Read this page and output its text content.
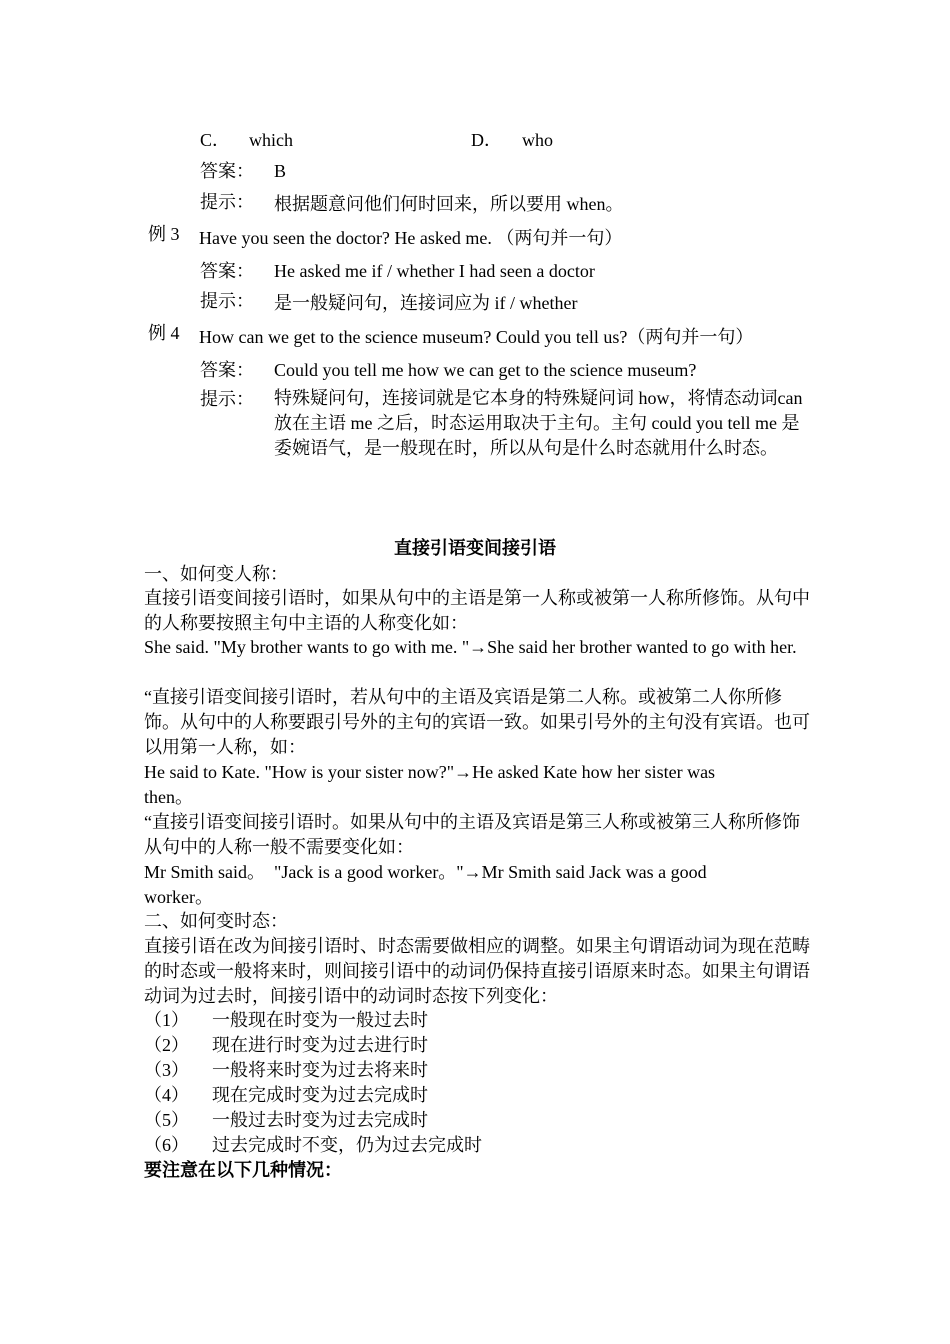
C． which	D． who
答案： B
提示： 根据题意问他们何时回来，所以要用 when。
例 3 Have you seen the doctor? He asked me. （两句并一句）
答案： He asked me if / whether I had seen a doctor
提示： 是一般疑问句，连接词应为 if / whether
例 4 How can we get to the science museum? Could you tell us?（两句并一句）
答案： Could you tell me how we can get to the science museum?
提示： 特殊疑问句，连接词就是它本身的特殊疑问词 how，将情态动词can 放在主语 me 之后，时态运用取决于主句。主句 could you tell me 是委婉语气，是一般现在时，所以从句是什么时态就用什么时态。
直接引语变间接引语
一、如何变人称：
直接引语变间接引语时，如果从句中的主语是第一人称或被第一人称所修饰。从句中的人称要按照主句中主语的人称变化如：
She said. "My brother wants to go with me. "→She said her brother wanted to go with her.
“直接引语变间接引语时，若从句中的主语及宾语是第二人称。或被第二人你所修饰。从句中的人称要跟引号外的主句的宾语一致。如果引号外的主句没有宾语。也可以用第一人称，如：
He said to Kate. "How is your sister now?"→He asked Kate how her sister was then。
“直接引语变间接引语时。如果从句中的主语及宾语是第三人称或被第三人称所修饰从句中的人称一般不需要变化如：
Mr Smith said。　"Jack is a good worker。"→Mr Smith said Jack was a good worker。
二、如何变时态：
直接引语在改为间接引语时、时态需要做相应的调整。如果主句谓语动词为现在范畴的时态或一般将来时，则间接引语中的动词仍保持直接引语原来时态。如果主句谓语动词为过去时，间接引语中的动词时态按下列变化：
（1） 一般现在时变为一般过去时
（2） 现在进行时变为过去进行时
（3） 一般将来时变为过去将来时
（4） 现在完成时变为过去完成时
（5） 一般过去时变为过去完成时
（6） 过去完成时不变，仍为过去完成时
要注意在以下几种情况：
